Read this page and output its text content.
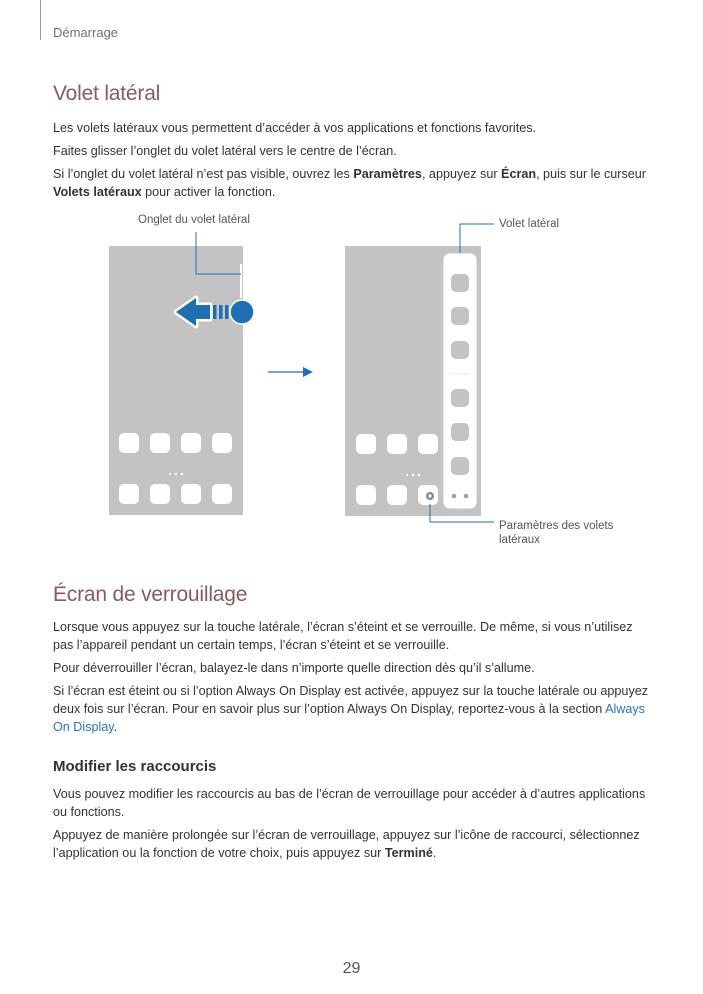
Démarrage
Volet latéral

Les volets latéraux vous permettent d’accéder à vos applications et fonctions favorites.

Faites glisser l’onglet du volet latéral vers le centre de l’écran.

Si l’onglet du volet latéral n’est pas visible, ouvrez les Paramètres, appuyez sur Écran, puis sur le curseur Volets latéraux pour activer la fonction.

Onglet du volet latéral	Volet latéral
Paramètres des volets
latéraux
Écran de verrouillage

Lorsque vous appuyez sur la touche latérale, l’écran s’éteint et se verrouille. De même, si vous n’utilisez pas l’appareil pendant un certain temps, l’écran s’éteint et se verrouille.

Pour déverrouiller l’écran, balayez-le dans n’importe quelle direction dès qu’il s’allume.

Si l’écran est éteint ou si l’option Always On Display est activée, appuyez sur la touche latérale ou appuyez deux fois sur l’écran. Pour en savoir plus sur l’option Always On Display, reportez-vous à la section Always On Display.

Modifier les raccourcis

Vous pouvez modifier les raccourcis au bas de l’écran de verrouillage pour accéder à d’autres applications ou fonctions.

Appuyez de manière prolongée sur l’écran de verrouillage, appuyez sur l’icône de raccourci, sélectionnez l’application ou la fonction de votre choix, puis appuyez sur Terminé.

29
